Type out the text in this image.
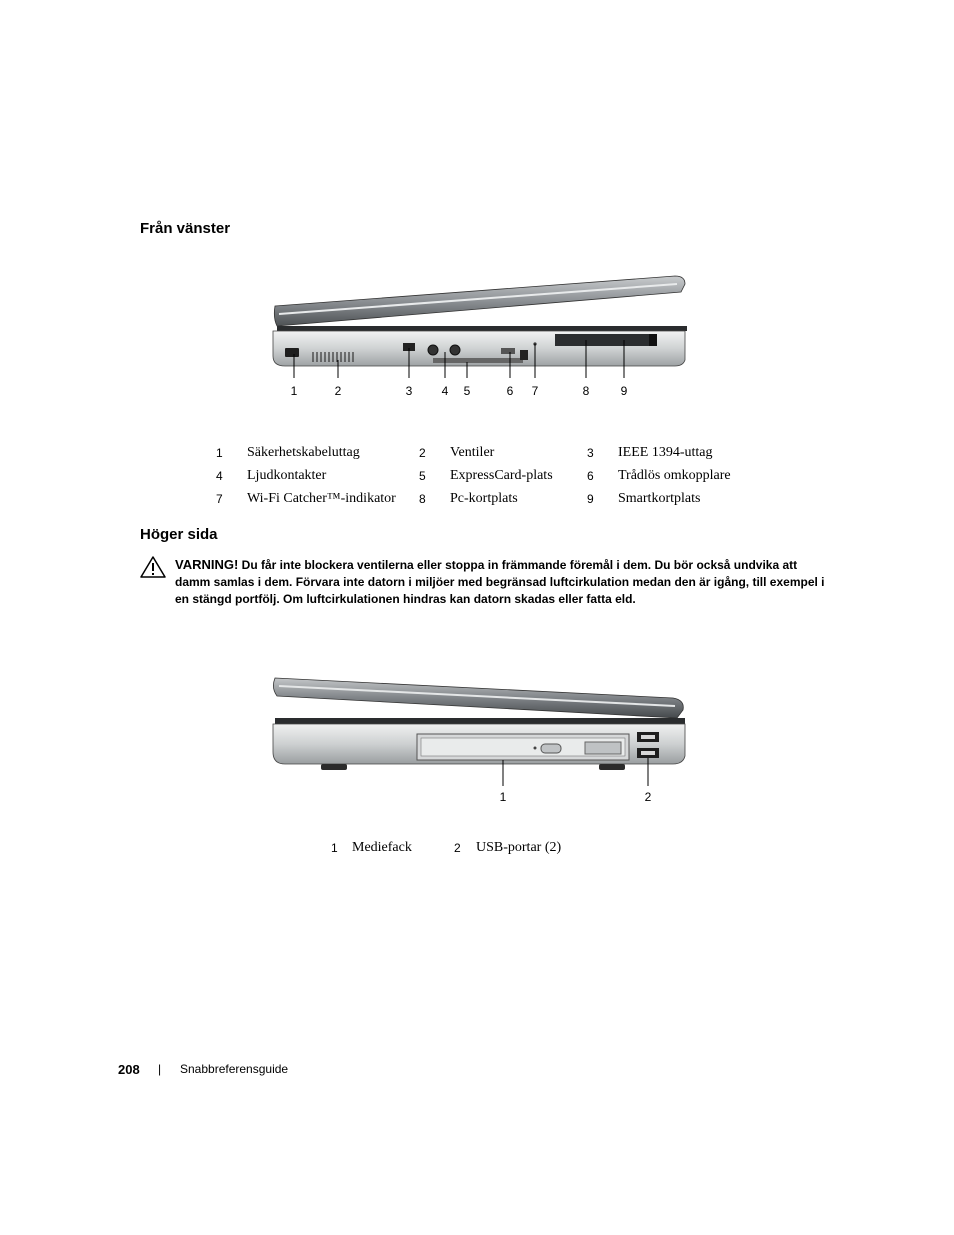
Från vänster
1	2	3 4 5	6 7	8	9
1	Säkerhetskabeluttag	2	Ventiler	3	IEEE 1394-uttag
4	Ljudkontakter	5	ExpressCard-plats	6	Trådlös omkopplare
7	Wi-Fi Catcher™-indikator	8	Pc-kortplats	9	Smartkortplats
Höger sida
VARNING! Du får inte blockera ventilerna eller stoppa in främmande föremål i dem. Du bör också undvika att damm samlas i dem. Förvara inte datorn i miljöer med begränsad luftcirkulation medan den är igång, till exempel i en stängd portfölj. Om luftcirkulationen hindras kan datorn skadas eller fatta eld.
1	2
1	Mediefack	2	USB-portar (2)
208 | Snabbreferensguide
